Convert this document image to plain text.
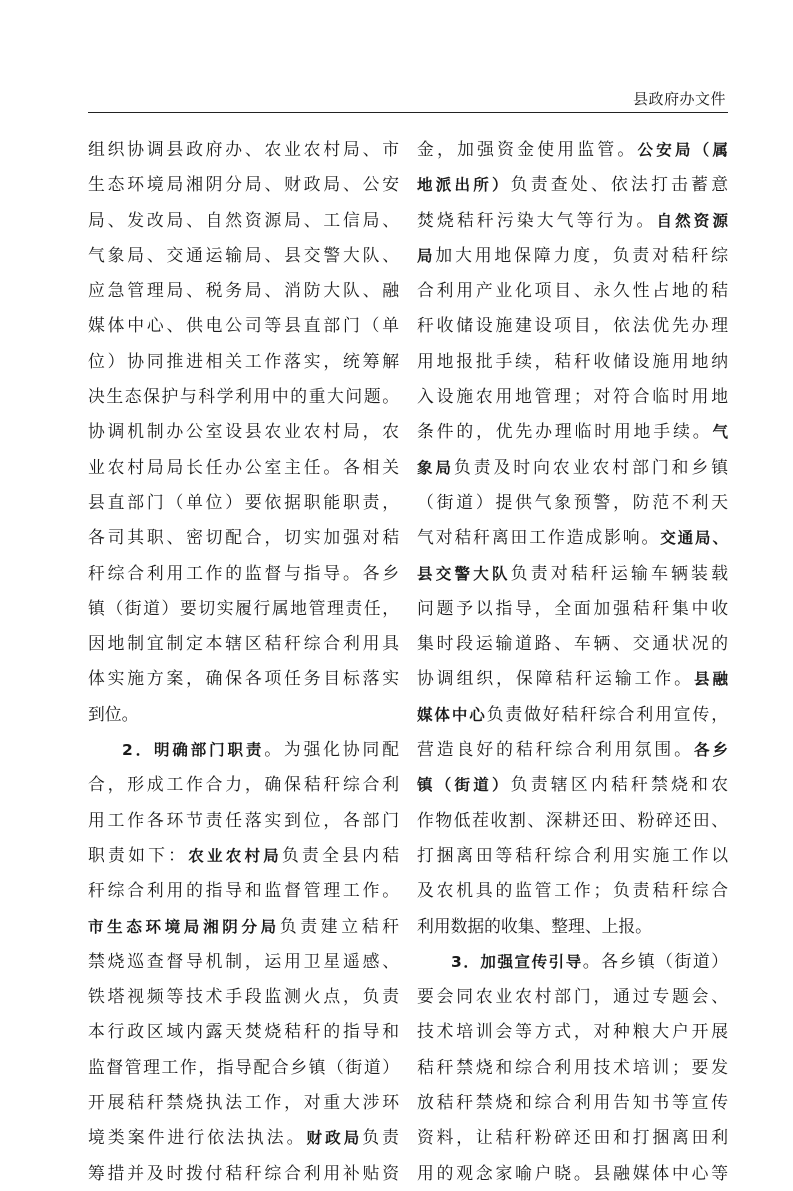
县政府办文件
组织协调县政府办、农业农村局、市
生态环境局湘阴分局、财政局、公安
局、发改局、自然资源局、工信局、
气象局、交通运输局、县交警大队、
应急管理局、税务局、消防大队、融
媒体中心、供电公司等县直部门（单
位）协同推进相关工作落实，统筹解
决生态保护与科学利用中的重大问题。
协调机制办公室设县农业农村局，农
业农村局局长任办公室主任。各相关
县直部门（单位）要依据职能职责，
各司其职、密切配合，切实加强对秸
秆综合利用工作的监督与指导。各乡
镇（街道）要切实履行属地管理责任，
因地制宜制定本辖区秸秆综合利用具
体实施方案，确保各项任务目标落实
到位。
2．明确部门职责。为强化协同配
合，形成工作合力，确保秸秆综合利
用工作各环节责任落实到位，各部门
职责如下：农业农村局负责全县内秸
秆综合利用的指导和监督管理工作。
市生态环境局湘阴分局负责建立秸秆
禁烧巡查督导机制，运用卫星遥感、
铁塔视频等技术手段监测火点，负责
本行政区域内露天焚烧秸秆的指导和
监督管理工作，指导配合乡镇（街道）
开展秸秆禁烧执法工作，对重大涉环
境类案件进行依法执法。财政局负责
筹措并及时拨付秸秆综合利用补贴资
金，加强资金使用监管。公安局（属
地派出所）负责查处、依法打击蓄意
焚烧秸秆污染大气等行为。自然资源
局加大用地保障力度，负责对秸秆综
合利用产业化项目、永久性占地的秸
秆收储设施建设项目，依法优先办理
用地报批手续，秸秆收储设施用地纳
入设施农用地管理；对符合临时用地
条件的，优先办理临时用地手续。气
象局负责及时向农业农村部门和乡镇
（街道）提供气象预警，防范不利天
气对秸秆离田工作造成影响。交通局、
县交警大队负责对秸秆运输车辆装载
问题予以指导，全面加强秸秆集中收
集时段运输道路、车辆、交通状况的
协调组织，保障秸秆运输工作。县融
媒体中心负责做好秸秆综合利用宣传，
营造良好的秸秆综合利用氛围。各乡
镇（街道）负责辖区内秸秆禁烧和农
作物低茬收割、深耕还田、粉碎还田、
打捆离田等秸秆综合利用实施工作以
及农机具的监管工作；负责秸秆综合
利用数据的收集、整理、上报。
3．加强宣传引导。各乡镇（街道）
要会同农业农村部门，通过专题会、
技术培训会等方式，对种粮大户开展
秸秆禁烧和综合利用技术培训；要发
放秸秆禁烧和综合利用告知书等宣传
资料，让秸秆粉碎还田和打捆离田利
用的观念家喻户晓。县融媒体中心等
